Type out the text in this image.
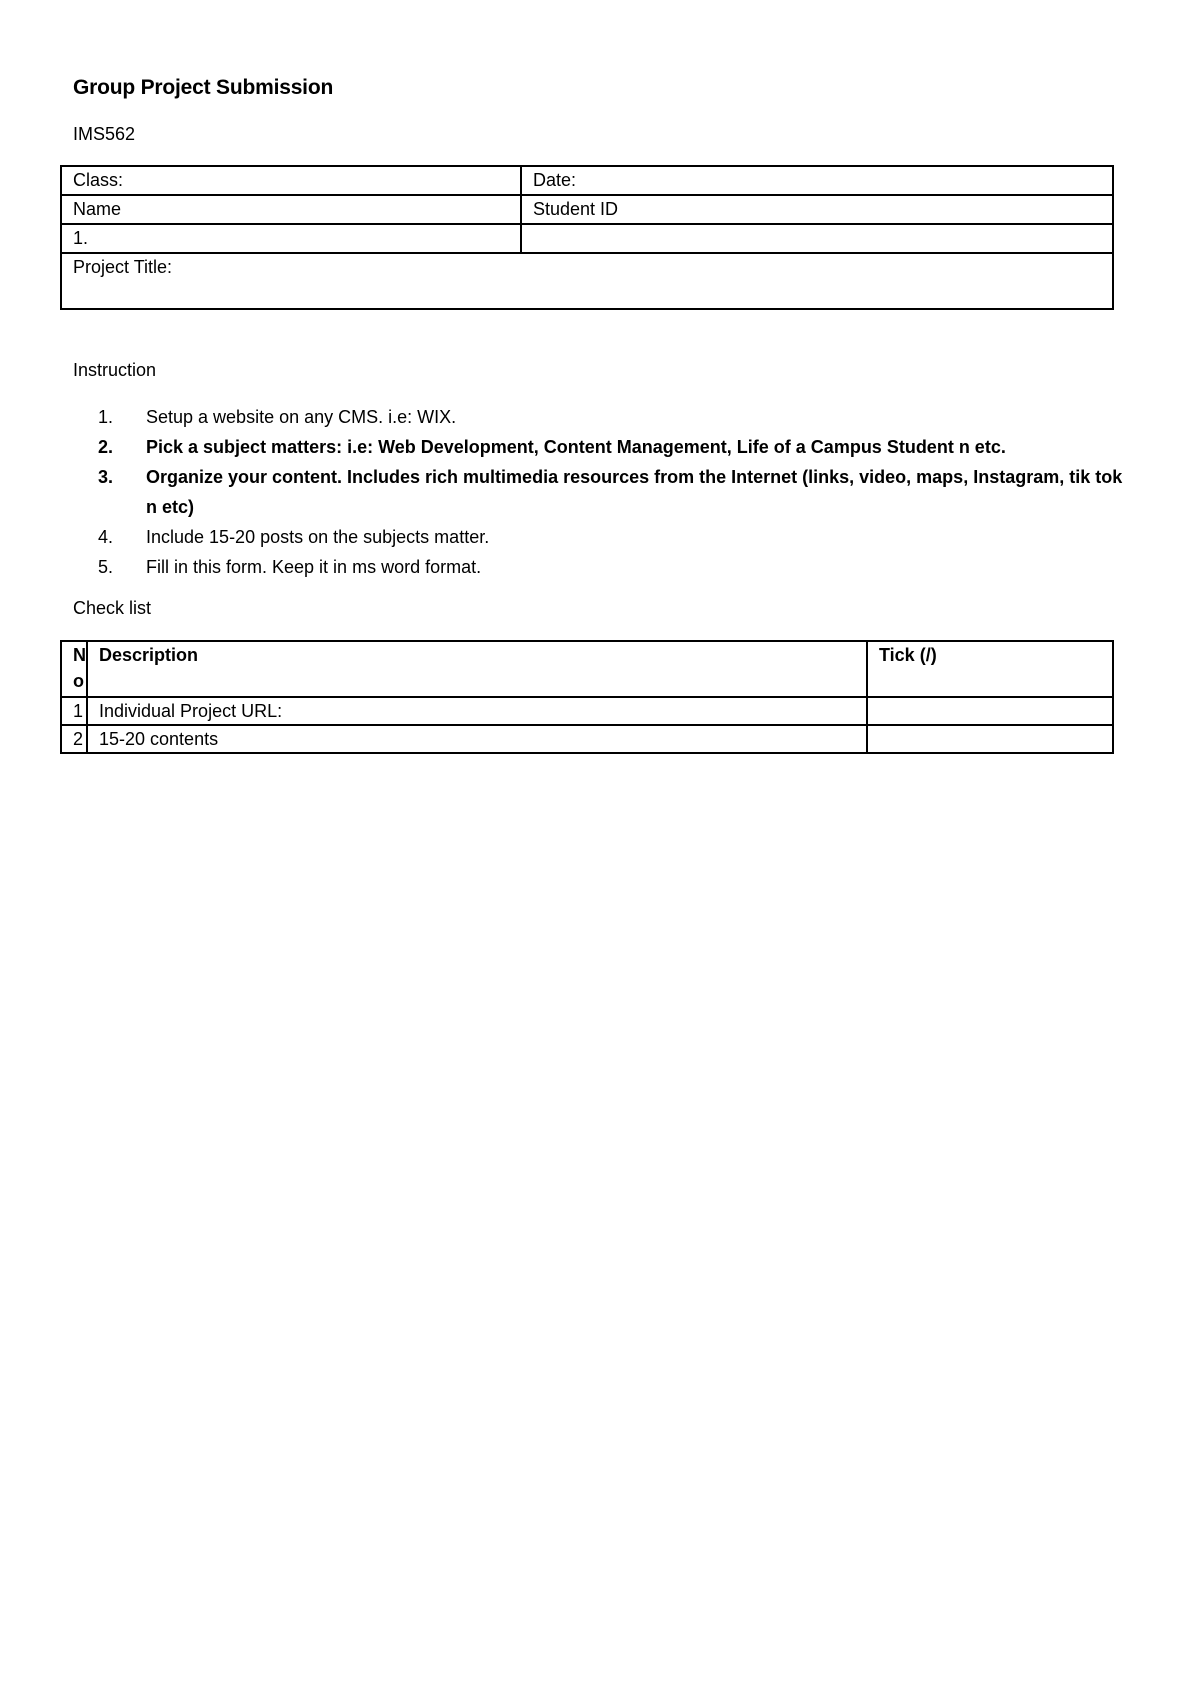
Group Project Submission
IMS562
Class:	Date:
Name	Student ID
1.	
Project Title:	
Instruction
1. Setup a website on any CMS. i.e: WIX.
2. Pick a subject matters: i.e: Web Development, Content Management, Life of a Campus Student n etc.
3. Organize your content. Includes rich multimedia resources from the Internet (links, video, maps, Instagram, tik tok n etc)
4. Include 15-20 posts on the subjects matter.
5. Fill in this form. Keep it in ms word format.
Check list
No	Description	Tick (/)
1	Individual Project URL:	
2	15-20 contents	
